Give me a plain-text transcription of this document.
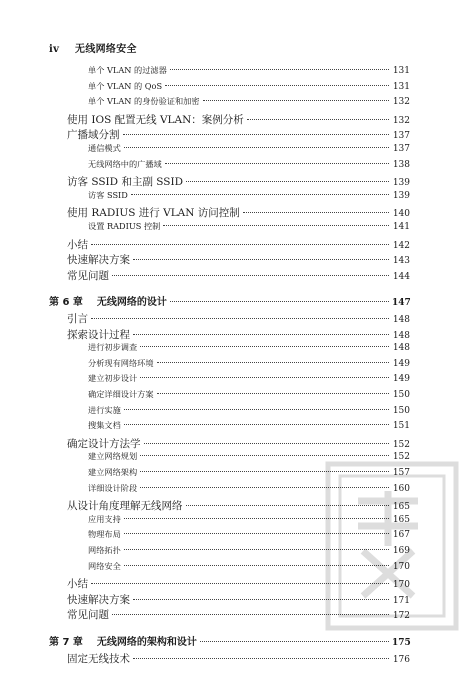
iv 无线网络安全
单个 VLAN 的过滤器	131
单个 VLAN 的 QoS	131
单个 VLAN 的身份验证和加密	132
使用 IOS 配置无线 VLAN：案例分析	132
广播域分割	137
通信模式	137
无线网络中的广播域	138
访客 SSID 和主副 SSID	139
访客 SSID	139
使用 RADIUS 进行 VLAN 访问控制	140
设置 RADIUS 控制	141
小结	142
快速解决方案	143
常见问题	144
第 6 章 无线网络的设计	147
引言	148
探索设计过程	148
进行初步调查	148
分析现有网络环境	149
建立初步设计	149
确定详细设计方案	150
进行实施	150
搜集文档	151
确定设计方法学	152
建立网络规划	152
建立网络架构	157
详细设计阶段	160
从设计角度理解无线网络	165
应用支持	165
物理布局	167
网络拓扑	169
网络安全	170
小结	170
快速解决方案	171
常见问题	172
第 7 章 无线网络的架构和设计	175
固定无线技术	176
